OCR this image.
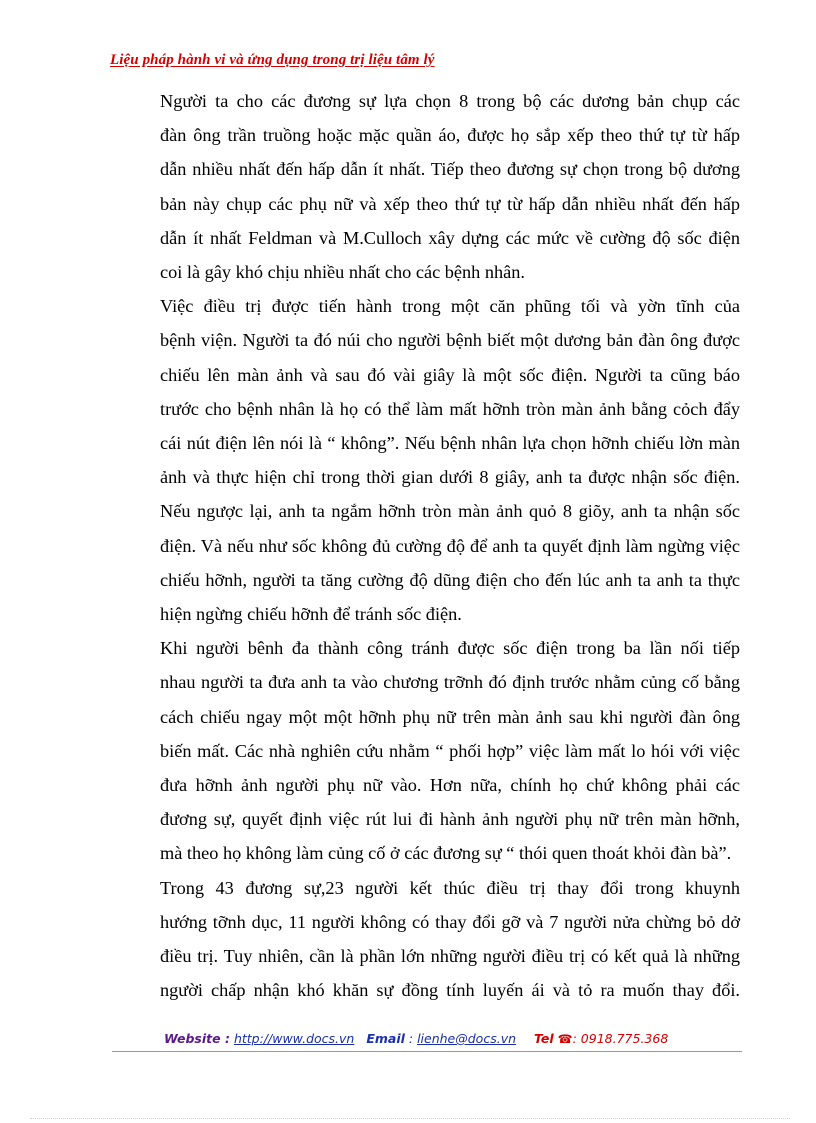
Liệu pháp hành vi và ứng dụng trong trị liệu tâm lý

Người ta cho các đương sự lựa chọn 8 trong bộ các dương bản chụp các
đàn ông trần truồng hoặc mặc quần áo, được họ sắp xếp theo thứ tự từ hấp
dẫn nhiều nhất đến hấp dẫn ít nhất. Tiếp theo đương sự chọn trong bộ dương
bản này chụp các phụ nữ và xếp theo thứ tự từ hấp dẫn nhiều nhất đến hấp
dẫn ít nhất Feldman và M.Culloch xây dựng các mức về cường độ sốc điện
coi là gây khó chịu nhiều nhất cho các bệnh nhân.

Việc điều trị được tiến hành trong một căn phũng tối và yờn tĩnh của
bệnh viện. Người ta đó núi cho người bệnh biết một dương bản đàn ông được
chiếu lên màn ảnh và sau đó vài giây là một sốc điện. Người ta cũng báo
trước cho bệnh nhân là họ có thể làm mất hỡnh tròn màn ảnh bằng cỏch đẩy
cái nút điện lên nói là “ không”. Nếu bệnh nhân lựa chọn hỡnh chiếu lờn màn
ảnh và thực hiện chỉ trong thời gian dưới 8 giây, anh ta được nhận sốc điện.
Nếu ngược lại, anh ta ngắm hỡnh tròn màn ảnh quỏ 8 giõy, anh ta nhận sốc
điện. Và nếu như sốc không đủ cường độ để anh ta quyết định làm ngừng việc
chiếu hỡnh, người ta tăng cường độ dũng điện cho đến lúc anh ta anh ta thực
hiện ngừng chiếu hỡnh để tránh sốc điện.

Khi người bênh đa thành công tránh được sốc điện trong ba lần nối tiếp
nhau người ta đưa anh ta vào chương trỡnh đó định trước nhằm củng cố bằng
cách chiếu ngay một một hỡnh phụ nữ trên màn ảnh sau khi người đàn ông
biến mất. Các nhà nghiên cứu nhằm “ phối hợp” việc làm mất lo hói với việc
đưa hỡnh ảnh người phụ nữ vào. Hơn nữa, chính họ chứ không phải các
đương sự, quyết định việc rút lui đi hành ảnh người phụ nữ trên màn hỡnh,
mà theo họ không làm củng cố ở các đương sự “ thói quen thoát khỏi đàn bà”.

Trong 43 đương sự,23 người kết thúc điều trị thay đổi trong khuynh
hướng tỡnh dục, 11 người không có thay đổi gỡ và 7 người nửa chừng bỏ dở
điều trị. Tuy nhiên, cần là phần lớn những người điều trị có kết quả là những
người chấp nhận khó khăn sự đồng tính luyến ái và tỏ ra muốn thay đổi.

Website : http://www.docs.vn Email : lienhe@docs.vn Tel ☎: 0918.775.368
